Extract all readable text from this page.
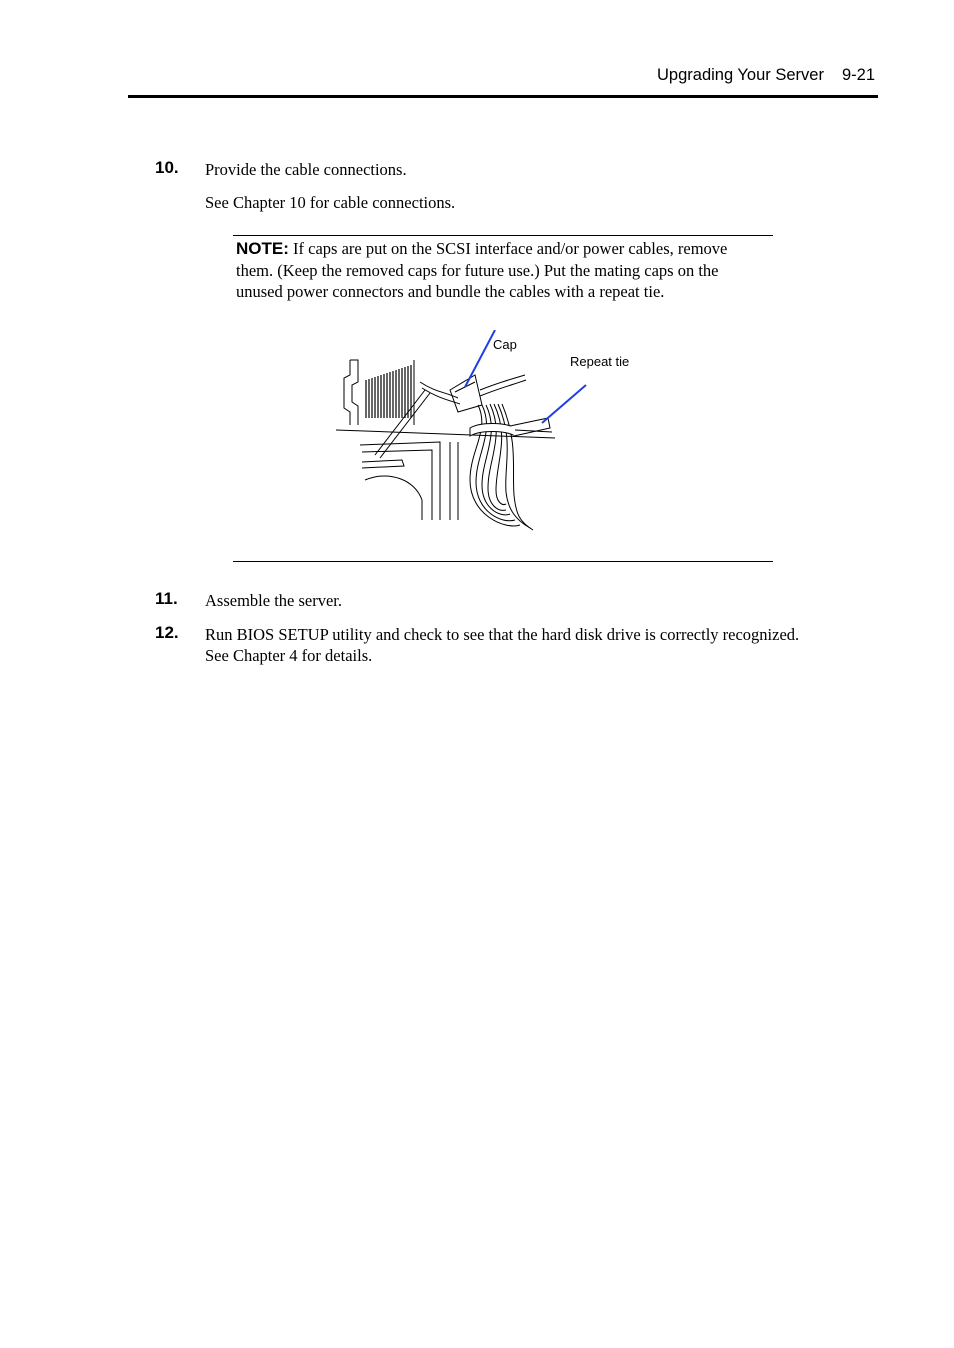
Upgrading Your Server 9-21
10. Provide the cable connections.
See Chapter 10 for cable connections.
NOTE: If caps are put on the SCSI interface and/or power cables, remove them. (Keep the removed caps for future use.) Put the mating caps on the unused power connectors and bundle the cables with a repeat tie.
Cap
Repeat tie
11. Assemble the server.
12. Run BIOS SETUP utility and check to see that the hard disk drive is correctly recognized.
See Chapter 4 for details.
